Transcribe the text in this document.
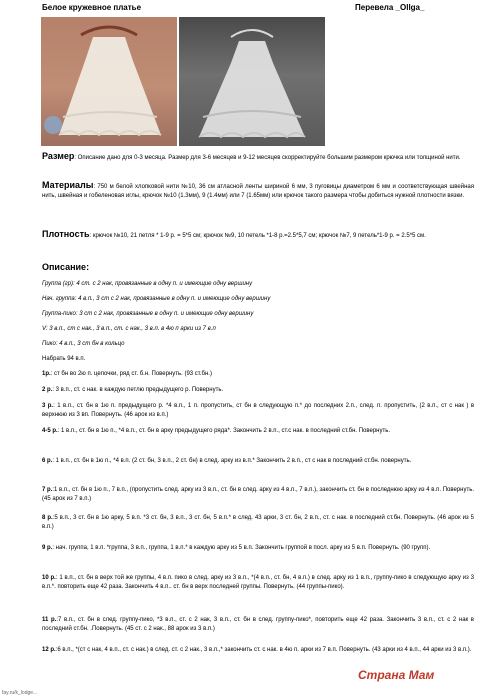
Белое кружевное платье	Перевела _Ollga_
Размер: Описание дано для 0-3 месяца. Размер для 3-6 месяцев и 9-12 месяцев скорректируйте большим размером крючка или толщиной нити.
Материалы: 750 м белой хлопковой нити №10, 36 см атласной ленты шириной 6 мм, 3 пуговицы диаметром 6 мм и соответствующая швейная нить, швейная и гобеленовая иглы, крючок №10 (1.3мм), 9 (1.4мм) или 7 (1.65мм) или крючок такого размера чтобы добиться нужной плотности вязки.
Плотность: крючок №10, 21 петля * 1-9 р. = 5*5 см; крючок №9, 10 петель *1-8 р.=2.5*5,7 см; крючок №7, 9 петель*1-9 р. = 2.5*5 см.
Описание:
Группа (гр): 4 ст. с 2 нак, провязанные в одну п. и имеющие одну вершину
Нач. группа: 4 в.п., 3 ст с 2 нак, провязанные в одну п. и имеющие одну вершину
Группа-пико: 3 ст с 2 нак, провязанные в одну п. и имеющие одну вершину
V: 3 в.п., ст с нак., 3 в.п., ст. с нак., 3 в.п. в 4ю п арки из 7 в.п
Пико: 4 в.п., 3 ст бн в кольцо
Набрать 94 в.п.
1р.: ст бн во 2ю п. цепочки, ряд ст. б.н. Повернуть. (93 ст.бн.)
2 р.: 3 в.п., ст. с нак. в каждую петлю предыдущего р. Повернуть.
3 р.: 1 в.п., ст. бн в 1ю п. предыдущего р. *4 в.п., 1 п. пропустить, ст бн в следующую п.* до последних 2.п., след. п. пропустить, (2 в.п., ст с нак ) в верхнюю из 3 вп. Повернуть. (46 арок из в.п.)
4-5 р.: 1 в.п., ст. бн в 1ю п., *4 в.п., ст. бн в арку предыдущего ряда*. Закончить 2 в.п., ст.с нак. в последний ст.бн. Повернуть.
6 р.: 1 в.п., ст. бн в 1ю п., *4 в.п. (2 ст. бн, 3 в.п., 2 ст. бн) в след. арку из в.п.* Закончить 2 в.п., ст с нак в последний ст.бн. повернуть.
7 р.:1 в.п., ст. бн в 1ю п., 7 в.п., (пропустить след. арку из 3 в.п., ст. бн в след. арку из 4 в.п., 7 в.п.), закончить ст. бн в последнюю арку из 4 в.п. Повернуть. (45 арок из 7 в.п.)
8 р.:5 в.п., 3 ст. бн в 1ю арку, 5 в.п. *3 ст. бн, 3 в.п., 3 ст. бн, 5 в.п.* в след. 43 арки, 3 ст. бн, 2 в.п., ст. с нак. в последний ст.бн. Повернуть. (46 арок из 5 в.п.)
9 р.: нач. группа, 1 в.п. *группа, 3 в.п., группа, 1 в.п.* в каждую арку из 5 в.п. Закончить группой в посл. арку из 5 в.п. Повернуть. (90 групп).
10 р.: 1 в.п., ст. бн в верх той же группы, 4 в.п. пико в след. арку из 3 в.п., *(4 в.п., ст. бн, 4 в.п.) в след. арку из 1 в.п., группу-пико в следующую арку из 3 в.п.*. повторить еще 42 раза. Закончить 4 в.п.. ст. бн в верх последней группы. Повернуть. (44 группы-пико).
11 р.:7 в.п., ст. бн в след. группу-пико, *3 в.п., ст. с 2 нак, 3 в.п., ст. бн в след. группу-пико*, повторить еще 42 раза. Закончить 3 в.п., ст. с 2 нак в последний ст.бн. .Повернуть. (45 ст. с 2 нак., 88 арок из 3 в.п.)
12 р.:6 в.п., *(ст с нак, 4 в.п., ст. с нак.) в след. ст. с 2 нак., 3 в.п.,* закончить ст. с нак. в 4ю п. арки из 7 в.п. Повернуть. (43 арки из 4 в.п., 44 арки из 3 в.п.).
Страна Мам
fay.ru/k_lodge...
